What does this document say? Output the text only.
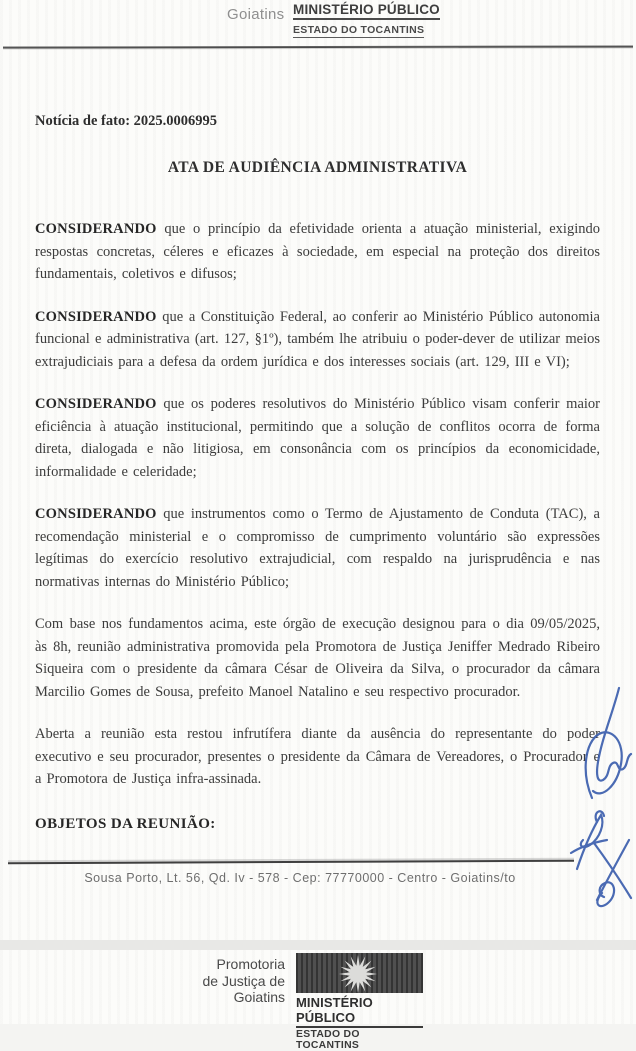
Goiatins MINISTÉRIO PÚBLICO
ESTADO DO TOCANTINS
Notícia de fato: 2025.0006995
ATA DE AUDIÊNCIA ADMINISTRATIVA

CONSIDERANDO que o princípio da efetividade orienta a atuação ministerial, exigindo respostas concretas, céleres e eficazes à sociedade, em especial na proteção dos direitos fundamentais, coletivos e difusos;

CONSIDERANDO que a Constituição Federal, ao conferir ao Ministério Público autonomia funcional e administrativa (art. 127, §1º), também lhe atribuiu o poder-dever de utilizar meios extrajudiciais para a defesa da ordem jurídica e dos interesses sociais (art. 129, III e VI);

CONSIDERANDO que os poderes resolutivos do Ministério Público visam conferir maior eficiência à atuação institucional, permitindo que a solução de conflitos ocorra de forma direta, dialogada e não litigiosa, em consonância com os princípios da economicidade, informalidade e celeridade;

CONSIDERANDO que instrumentos como o Termo de Ajustamento de Conduta (TAC), a recomendação ministerial e o compromisso de cumprimento voluntário são expressões legítimas do exercício resolutivo extrajudicial, com respaldo na jurisprudência e nas normativas internas do Ministério Público;

Com base nos fundamentos acima, este órgão de execução designou para o dia 09/05/2025, às 8h, reunião administrativa promovida pela Promotora de Justiça Jeniffer Medrado Ribeiro Siqueira com o presidente da câmara César de Oliveira da Silva, o procurador da câmara Marcilio Gomes de Sousa, prefeito Manoel Natalino e seu respectivo procurador.

Aberta a reunião esta restou infrutífera diante da ausência do representante do poder executivo e seu procurador, presentes o presidente da Câmara de Vereadores, o Procurador e a Promotora de Justiça infra-assinada.

OBJETOS DA REUNIÃO:
Sousa Porto, Lt. 56, Qd. Iv - 578 - Cep: 77770000 - Centro - Goiatins/to
Promotoria
de Justiça de
Goiatins MINISTÉRIO PÚBLICO
ESTADO DO TOCANTINS
